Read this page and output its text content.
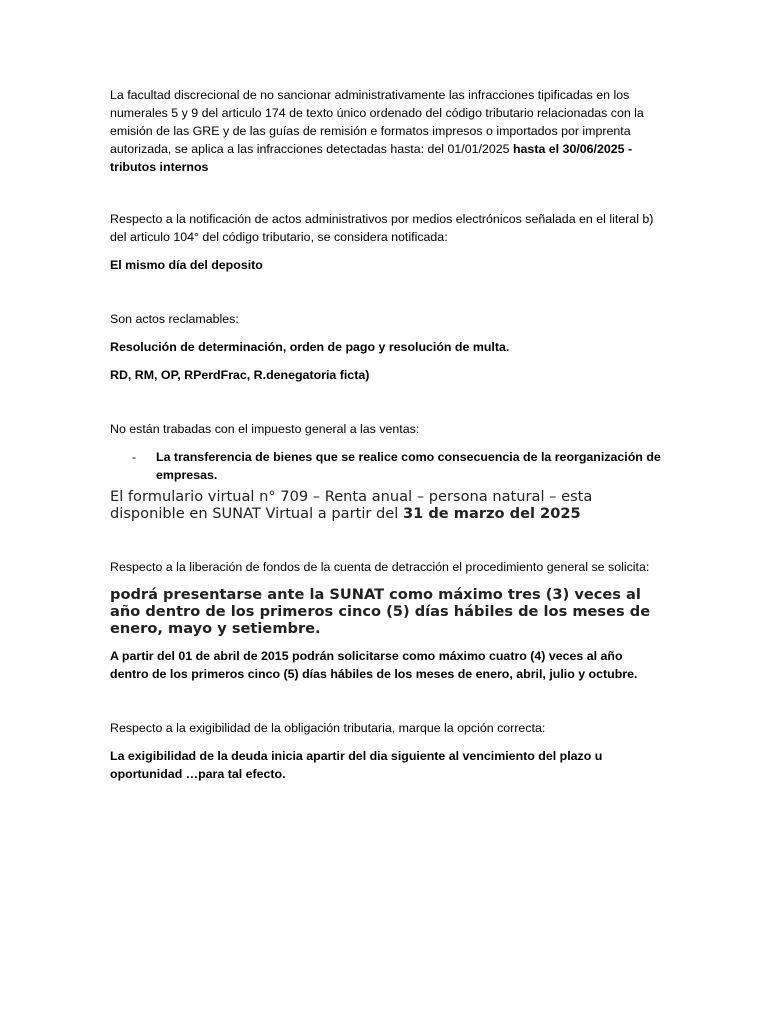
La facultad discrecional de no sancionar administrativamente las infracciones tipificadas en los numerales 5 y 9 del articulo 174 de texto único ordenado del código tributario relacionadas con la emisión de las GRE y de las guías de remisión e formatos impresos o importados por imprenta autorizada, se aplica a las infracciones detectadas hasta: del 01/01/2025 hasta el 30/06/2025 - tributos internos

Respecto a la notificación de actos administrativos por medios electrónicos señalada en el literal b) del articulo 104° del código tributario, se considera notificada:

El mismo día del deposito

Son actos reclamables:

Resolución de determinación, orden de pago y resolución de multa.

RD, RM, OP, RPerdFrac, R.denegatoria ficta)

No están trabadas con el impuesto general a las ventas:

-	La transferencia de bienes que se realice como consecuencia de la reorganización de empresas.

El formulario virtual n° 709 – Renta anual – persona natural – esta disponible en SUNAT Virtual a partir del 31 de marzo del 2025

Respecto a la liberación de fondos de la cuenta de detracción el procedimiento general se solicita:

podrá presentarse ante la SUNAT como máximo tres (3) veces al año dentro de los primeros cinco (5) días hábiles de los meses de enero, mayo y setiembre.

A partir del 01 de abril de 2015 podrán solicitarse como máximo cuatro (4) veces al año dentro de los primeros cinco (5) días hábiles de los meses de enero, abril, julio y octubre.

Respecto a la exigibilidad de la obligación tributaria, marque la opción correcta:

La exigibilidad de la deuda inicia apartir del dia siguiente al vencimiento del plazo u oportunidad …para tal efecto.
